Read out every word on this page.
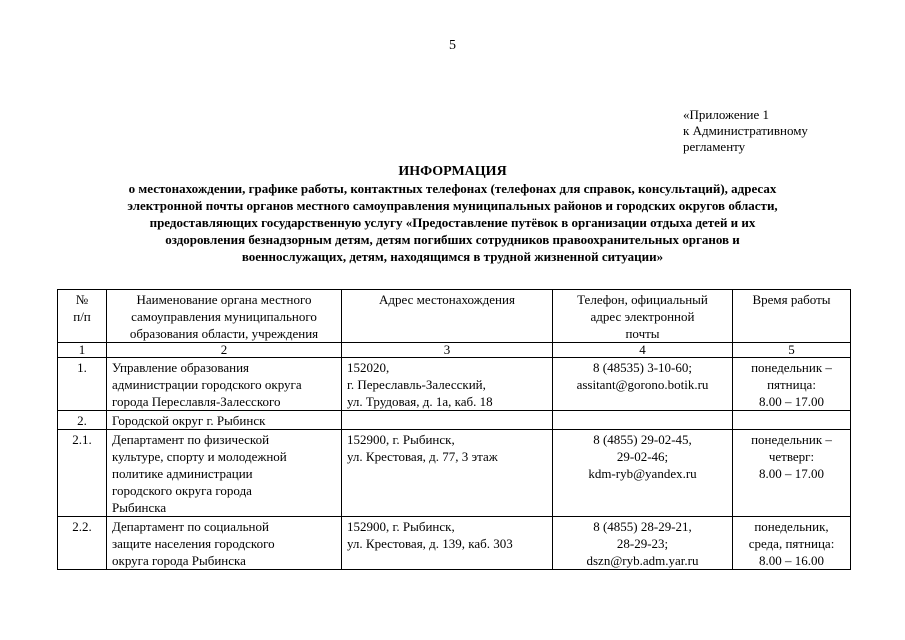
5
«Приложение 1
к Административному
регламенту
ИНФОРМАЦИЯ
о местонахождении, графике работы, контактных телефонах (телефонах для справок, консультаций), адресах
электронной почты органов местного самоуправления муниципальных районов и городских округов области,
предоставляющих государственную услугу «Предоставление путёвок в организации отдыха детей и их
оздоровления безнадзорным детям, детям погибших сотрудников правоохранительных органов и
военнослужащих, детям, находящимся в трудной жизненной ситуации»
№
п/п	Наименование органа местного
самоуправления муниципального
образования области, учреждения	Адрес местонахождения	Телефон, официальный
адрес электронной
почты	Время работы

1	2	3	4	5
1.	Управление образования
администрации городского округа
города Переславля-Залесского	152020,
г. Переславль-Залесский,
ул. Трудовая, д. 1а, каб. 18	8 (48535) 3-10-60;
assitant@gorono.botik.ru	понедельник –
пятница:
8.00 – 17.00

2.	Городской округ г. Рыбинск			

2.1.	Департамент по физической
культуре, спорту и молодежной
политике администрации
городского округа города
Рыбинска	152900, г. Рыбинск,
ул. Крестовая, д. 77, 3 этаж	8 (4855) 29-02-45,
29-02-46;
kdm-ryb@yandex.ru	понедельник –
четверг:
8.00 – 17.00

2.2.	Департамент по социальной
защите населения городского
округа города Рыбинска	152900, г. Рыбинск,
ул. Крестовая, д. 139, каб. 303	8 (4855) 28-29-21,
28-29-23;
dszn@ryb.adm.yar.ru	понедельник,
среда, пятница:
8.00 – 16.00
